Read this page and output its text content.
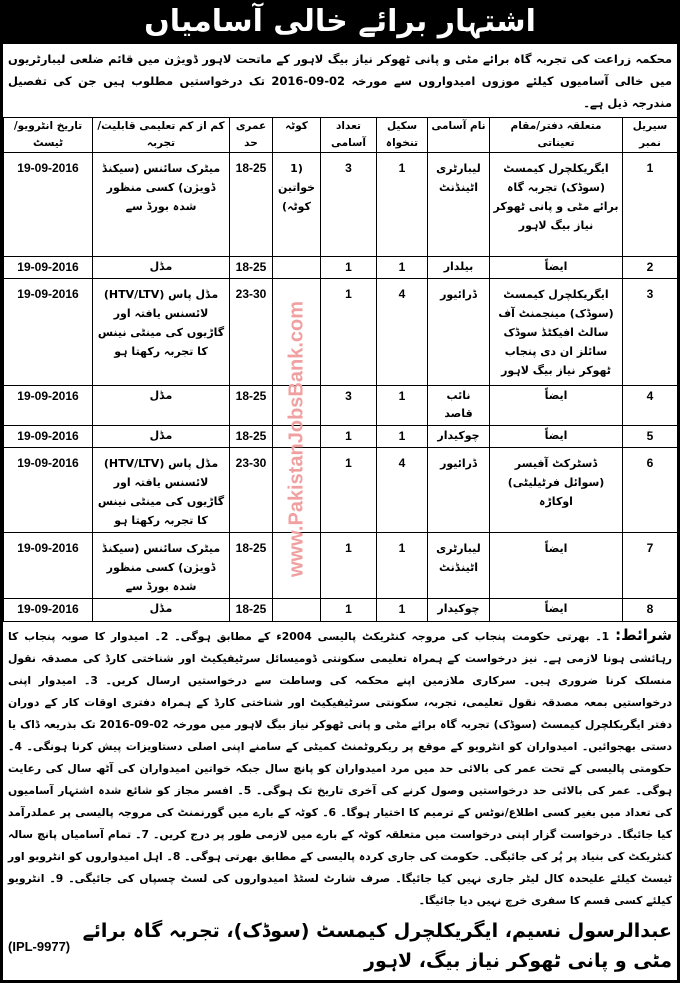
اشتہار برائے خالی آسامیاں
محکمہ زراعت کی تجربہ گاہ برائے مٹی و پانی ٹھوکر نیاز بیگ لاہور کے ماتحت لاہور ڈویژن میں قائم ضلعی لیبارٹریوں میں خالی آسامیوں کیلئے موزوں امیدواروں سے مورخہ 02-09-2016 تک درخواستیں مطلوب ہیں جن کی تفصیل مندرجہ ذیل ہے۔
سیریل نمبر	متعلقہ دفتر/مقام تعیناتی	نام آسامی	سکیل تنخواہ	تعداد آسامی	کوٹہ	عمری حد	کم از کم تعلیمی قابلیت/تجربہ	تاریخ انٹرویو/ٹیسٹ
1	ایگریکلچرل کیمسٹ (سوڈک) تجربہ گاہ برائے مٹی و پانی ٹھوکر نیاز بیگ لاہور	لیبارٹری اٹینڈنٹ	1	3	(1 خواتین کوٹہ)	18-25	میٹرک سائنس (سیکنڈ ڈویژن) کسی منظور شدہ بورڈ سے	19-09-2016
2	ایضاً	بیلدار	1	1		18-25	مڈل	19-09-2016
3	ایگریکلچرل کیمسٹ (سوڈک) مینجمنٹ آف سالٹ افیکٹڈ سوڈک سائلز ان دی پنجاب ٹھوکر نیاز بیگ لاہور	ڈرائیور	4	1		23-30	مڈل پاس (HTV/LTV) لائسنس یافتہ اور گاڑیوں کی مینٹی نینس کا تجربہ رکھتا ہو	19-09-2016
4	ایضاً	نائب قاصد	1	3		18-25	مڈل	19-09-2016
5	ایضاً	چوکیدار	1	1		18-25	مڈل	19-09-2016
6	ڈسٹرکٹ آفیسر (سوائل فرٹیلیٹی) اوکاڑہ	ڈرائیور	4	1		23-30	مڈل پاس (HTV/LTV) لائسنس یافتہ اور گاڑیوں کی مینٹی نینس کا تجربہ رکھتا ہو	19-09-2016
7	ایضاً	لیبارٹری اٹینڈنٹ	1	1		18-25	میٹرک سائنس (سیکنڈ ڈویژن) کسی منظور شدہ بورڈ سے	19-09-2016
8	ایضاً	چوکیدار	1	1		18-25	مڈل	19-09-2016
www.PakistanJobsBank.com
شرائط: 1۔ بھرتی حکومت پنجاب کی مروجہ کنٹریکٹ پالیسی 2004ء کے مطابق ہوگی۔ 2۔ امیدوار کا صوبہ پنجاب کا رہائشی ہونا لازمی ہے۔ نیز درخواست کے ہمراہ تعلیمی سکونتی ڈومیسائل سرٹیفیکیٹ اور شناختی کارڈ کی مصدقہ نقول منسلک کرنا ضروری ہیں۔ سرکاری ملازمین اپنے محکمہ کی وساطت سے درخواستیں ارسال کریں۔ 3۔ امیدوار اپنی درخواستیں بمعہ مصدقہ نقول تعلیمی، تجربہ، سکونتی سرٹیفیکیٹ اور شناختی کارڈ کے ہمراہ دفتری اوقات کار کے دوران دفتر ایگریکلچرل کیمسٹ (سوڈک) تجربہ گاہ برائے مٹی و پانی ٹھوکر نیاز بیگ لاہور میں مورخہ 02-09-2016 تک بذریعہ ڈاک یا دستی بھجوائیں۔ امیدواران کو انٹرویو کے موقع پر ریکروٹمنٹ کمیٹی کے سامنے اپنی اصلی دستاویزات پیش کرنا ہونگی۔ 4۔ حکومتی پالیسی کے تحت عمر کی بالائی حد میں مرد امیدواران کو پانچ سال جبکہ خواتین امیدواران کی آٹھ سال کی رعایت ہوگی۔ عمر کی بالائی حد درخواستیں وصول کرنے کی آخری تاریخ تک ہوگی۔ 5۔ افسر مجاز کو شائع شدہ اشتہار آسامیوں کی تعداد میں بغیر کسی اطلاع/نوٹس کے ترمیم کا اختیار ہوگا۔ 6۔ کوٹہ کے بارے میں گورنمنٹ کی مروجہ پالیسی پر عملدرآمد کیا جائیگا۔ درخواست گزار اپنی درخواست میں متعلقہ کوٹہ کے بارے میں لازمی طور پر درج کریں۔ 7۔ تمام آسامیاں پانچ سالہ کنٹریکٹ کی بنیاد پر پُر کی جائیگی۔ حکومت کی جاری کردہ پالیسی کے مطابق بھرتی ہوگی۔ 8۔ اہل امیدواروں کو انٹرویو اور ٹیسٹ کیلئے علیحدہ کال لیٹر جاری نہیں کیا جائیگا۔ صرف شارٹ لسٹڈ امیدواروں کی لسٹ چسپاں کی جائیگی۔ 9۔ انٹرویو کیلئے کسی قسم کا سفری خرچ نہیں دیا جائیگا۔
عبدالرسول نسیم، ایگریکلچرل کیمسٹ (سوڈک)، تجربہ گاہ برائے مٹی و پانی ٹھوکر نیاز بیگ، لاہور
(IPL-9977)
